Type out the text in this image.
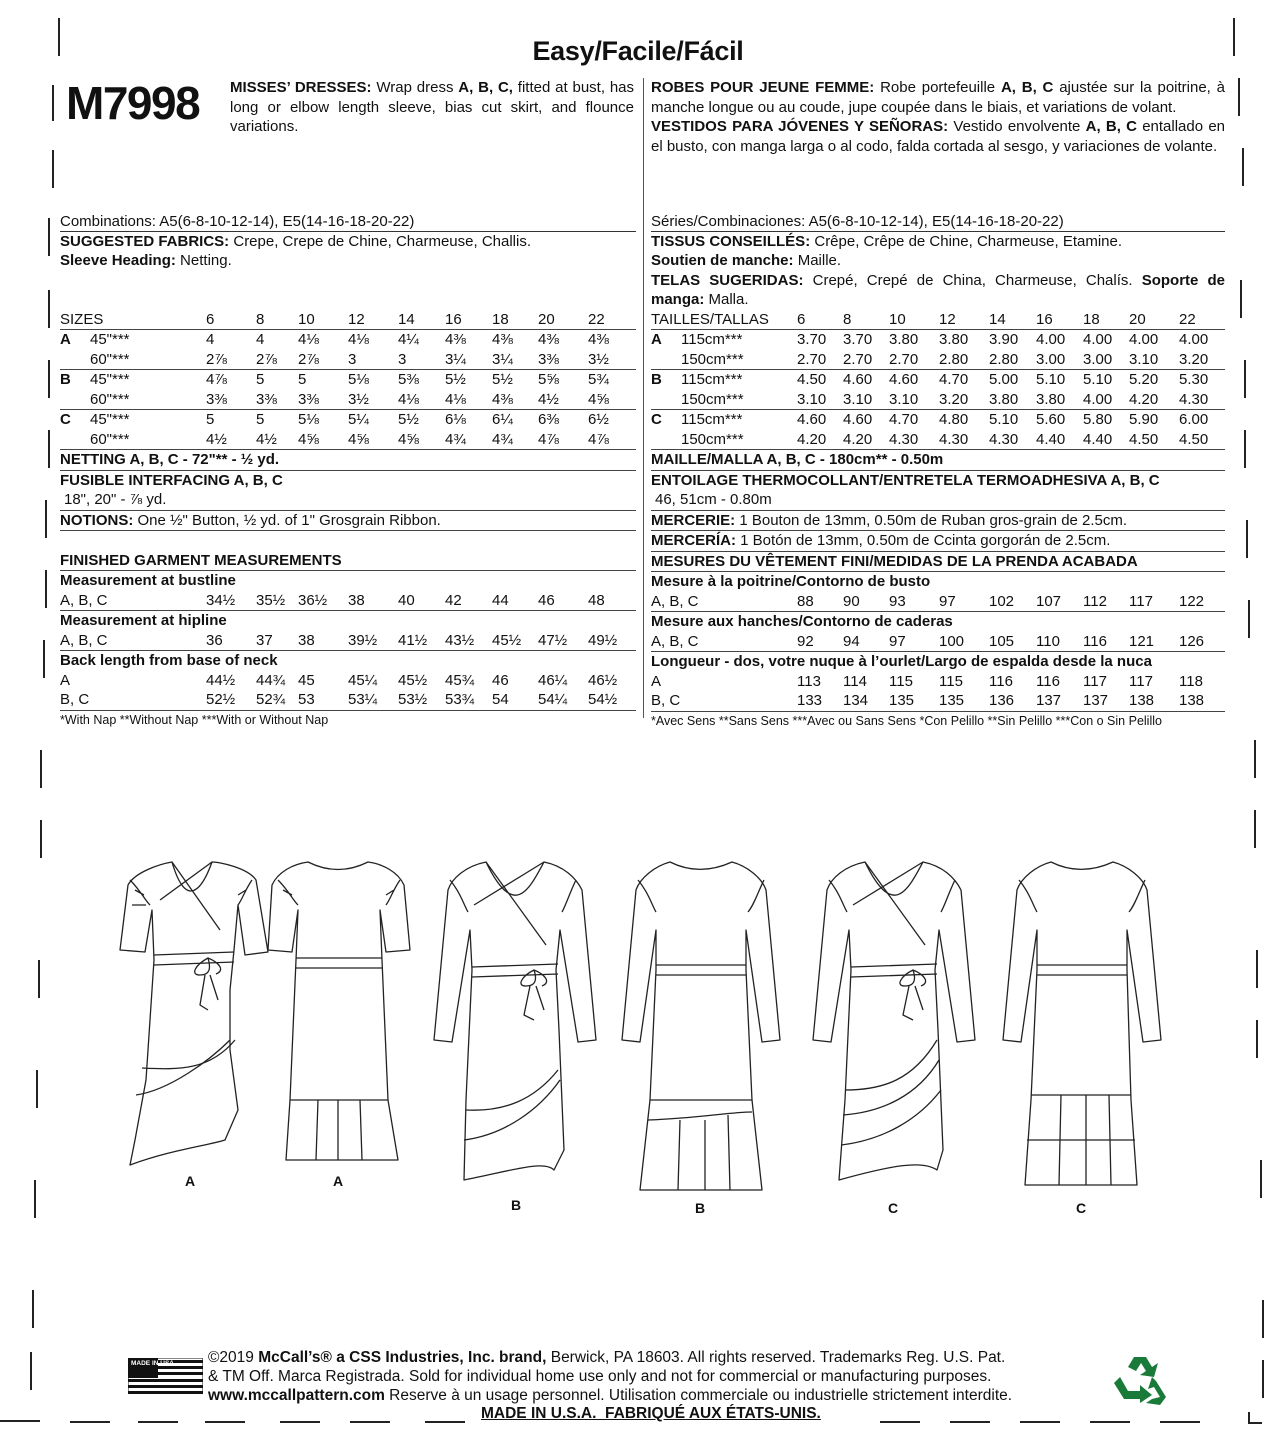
Easy/Facile/Fácil
M7998 MISSES’ DRESSES: Wrap dress A, B, C, fitted at bust, has long or elbow length sleeve, bias cut skirt, and flounce variations.
ROBES POUR JEUNE FEMME: Robe portefeuille A, B, C ajustée sur la poitrine, à manche longue ou au coude, jupe coupée dans le biais, et variations de volant.
VESTIDOS PARA JÓVENES Y SEÑORAS: Vestido envolvente A, B, C entallado en el busto, con manga larga o al codo, falda cortada al sesgo, y variaciones de volante.
Combinations: A5(6-8-10-12-14), E5(14-16-18-20-22)
SUGGESTED FABRICS: Crepe, Crepe de Chine, Charmeuse, Challis.
Sleeve Heading: Netting.
SIZES	6	8 10 12 14 16 18 20 22
A 45"***	4	4 4⅛ 4⅛ 4¼ 4⅜ 4⅜ 4⅜ 4⅜
60"***	2⅞ 2⅞ 2⅞ 3	3	3¼ 3¼ 3⅜ 3½
B 45"***	4⅞ 5 5	5⅛ 5⅜ 5½ 5½ 5⅝ 5¾
60"***	3⅜ 3⅜ 3⅜ 3½ 4⅛ 4⅛ 4⅜ 4½ 4⅝
C 45"***	5	5 5⅛ 5¼ 5½ 6⅛ 6¼ 6⅜ 6½
60"***	4½ 4½ 4⅝ 4⅝ 4⅝ 4¾ 4¾ 4⅞ 4⅞
NETTING A, B, C - 72"** - ½ yd.
FUSIBLE INTERFACING A, B, C
18", 20" - ⅞ yd.
NOTIONS: One ½" Button, ½ yd. of 1" Grosgrain Ribbon.
FINISHED GARMENT MEASUREMENTS
Measurement at bustline
A, B, C	34½ 35½ 36½ 38 40 42 44 46 48
Measurement at hipline
A, B, C	36 37 38 39½ 41½ 43½ 45½ 47½ 49½
Back length from base of neck
A	44½ 44¾ 45 45¼ 45½ 45¾ 46 46¼ 46½
B, C	52½ 52¾ 53 53¼ 53½ 53¾ 54 54¼ 54½
*With Nap **Without Nap ***With or Without Nap
Séries/Combinaciones: A5(6-8-10-12-14), E5(14-16-18-20-22)
TISSUS CONSEILLÉS: Crêpe, Crêpe de Chine, Charmeuse, Etamine.
Soutien de manche: Maille.
TELAS SUGERIDAS: Crepé, Crepé de China, Charmeuse, Chalís. Soporte de manga: Malla.
TAILLES/TALLAS 6	8	10 12 14 16 18 20 22
A 115cm***	3.70 3.70 3.80 3.80 3.90 4.00 4.00 4.00 4.00
150cm***	2.70 2.70 2.70 2.80 2.80 3.00 3.00 3.10 3.20
B 115cm***	4.50 4.60 4.60 4.70 5.00 5.10 5.10 5.20 5.30
150cm***	3.10 3.10 3.10 3.20 3.80 3.80 4.00 4.20 4.30
C 115cm***	4.60 4.60 4.70 4.80 5.10 5.60 5.80 5.90 6.00
150cm***	4.20 4.20 4.30 4.30 4.30 4.40 4.40 4.50 4.50
MAILLE/MALLA A, B, C - 180cm** - 0.50m
ENTOILAGE THERMOCOLLANT/ENTRETELA TERMOADHESIVA A, B, C
46, 51cm - 0.80m
MERCERIE: 1 Bouton de 13mm, 0.50m de Ruban gros-grain de 2.5cm.
MERCERÍA: 1 Botón de 13mm, 0.50m de Ccinta gorgorán de 2.5cm.
MESURES DU VÊTEMENT FINI/MEDIDAS DE LA PRENDA ACABADA
Mesure à la poitrine/Contorno de busto
A, B, C	88 90 93 97 102 107 112 117 122
Mesure aux hanches/Contorno de caderas
A, B, C	92 94 97 100 105 110 116 121 126
Longueur - dos, votre nuque à l’ourlet/Largo de espalda desde la nuca
A	113 114 115 115 116 116 117 117 118
B, C	133 134 135 135 136 137 137 138 138
*Avec Sens **Sans Sens ***Avec ou Sans Sens *Con Pelillo **Sin Pelillo ***Con o Sin Pelillo
A	A
B	B	C	C
MADE IN USA ©2019 McCall’s® a CSS Industries, Inc. brand, Berwick, PA 18603. All rights reserved. Trademarks Reg. U.S. Pat.
& TM Off. Marca Registrada. Sold for individual home use only and not for commercial or manufacturing purposes.
www.mccallpattern.com Reserve à un usage personnel. Utilisation commerciale ou industrielle strictement interdite.
MADE IN U.S.A.  FABRIQUÉ AUX ÉTATS-UNIS.
